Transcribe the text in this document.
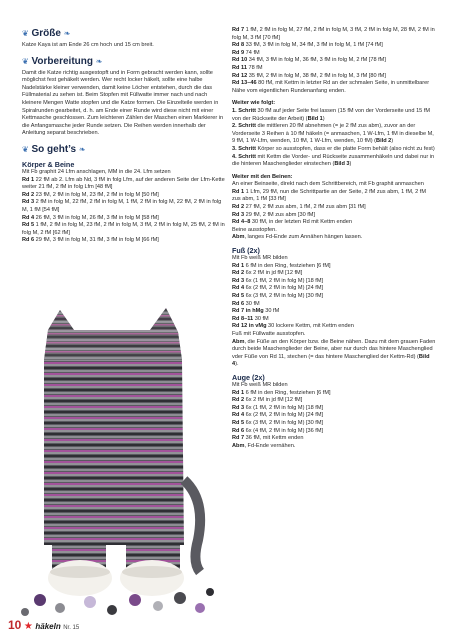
❦ Größe ❧

Katze Kaya ist am Ende 26 cm hoch und 15 cm breit.

❦ Vorbereitung ❧

Damit die Katze richtig ausgestopft und in Form gebracht werden kann, sollte möglichst fest gehäkelt werden. Wer recht locker häkelt, sollte eine halbe Nadelstärke kleiner verwenden, damit keine Löcher entstehen, durch die das Füllmaterial zu sehen ist. Beim Stopfen mit Füllwatte immer nach und nach kleinere Mengen Watte stopfen und die Katze formen. Die Einzelteile werden in Spiralrunden gearbeitet, d. h. am Ende einer Runde wird diese nicht mit einer Kettmasche geschlossen. Zum leichteren Zählen der Maschen einen Markierer in die Anfangsmasche jeder Runde setzen. Die Reihen werden innerhalb der Anleitung separat beschrieben.

❦ So geht’s ❧
Körper & Beine

Mit Fb graphit 24 Lfm anschlagen, MM in die 24. Lfm setzen

Rd 1 22 fM ab 2. Lfm ab Nd, 3 fM in folg Lfm, auf der anderen Seite der Lfm-Kette weiter 21 fM, 2 fM in folg Lfm [48 fM]

Rd 2 23 fM, 2 fM in folg M, 23 fM, 2 fM in folg M [50 fM]

Rd 3 2 fM in folg M, 22 fM, 2 fM in folg M, 1 fM, 2 fM in folg M, 22 fM, 2 fM in folg M, 1 fM [54 fM]

Rd 4 26 fM, 3 fM in folg M, 26 fM, 3 fM in folg M [58 fM]

Rd 5 1 fM, 2 fM in folg M, 23 fM, 2 fM in folg M, 3 fM, 2 fM in folg M, 25 fM, 2 fM in folg M, 2 fM [62 fM]

Rd 6 29 fM, 3 fM in folg M, 31 fM, 3 fM in folg M [66 fM]

Rd 7 1 fM, 2 fM in folg M, 27 fM, 2 fM in folg M, 3 fM, 2 fM in folg M, 28 fM, 2 fM in folg M, 3 fM [70 fM]

Rd 8 33 fM, 3 fM in folg M, 34 fM, 3 fM in folg M, 1 fM [74 fM]

Rd 9 74 fM

Rd 10 34 fM, 3 fM in folg M, 36 fM, 3 fM in folg M, 2 fM [78 fM]

Rd 11 78 fM

Rd 12 35 fM, 2 fM in folg M, 38 fM, 2 fM in folg M, 3 fM [80 fM]

Rd 13–46 80 fM, mit Kettm in letzter Rd an der schmalen Seite, in unmittelbarer Nähe vom eigentlichen Rundenanfang enden.

Weiter wie folgt:

1. Schritt 30 fM auf jeder Seite frei lassen (15 fM von der Vorderseite und 15 fM von der Rückseite der Arbeit) (Bild 1)

2. Schritt die mittleren 20 fM abnehmen (= je 2 fM zus abm), zuvor an der Vorderseite 3 Reihen à 10 fM häkeln (= anmaschen, 1 W-Lfm, 1 fM in dieselbe M, 9 fM, 1 W-Lfm, wenden, 10 fM, 1 W-Lfm, wenden, 10 fM) (Bild 2)

3. Schritt Körper so ausstopfen, dass er die platte Form behält (also nicht zu fest)

4. Schritt mit Kettm die Vorder- und Rückseite zusammenhäkeln und dabei nur in die hinteren Maschenglieder einstechen (Bild 3)

Weiter mit den Beinen:

An einer Beinseite, direkt nach dem Schrittbereich, mit Fb graphit anmaschen

Rd 1 1 Lfm, 29 fM, nun die Schrittpartie an der Seite, 2 fM zus abm, 1 fM, 2 fM zus abm, 1 fM [33 fM]

Rd 2 27 fM, 2 fM zus abm, 1 fM, 2 fM zus abm [31 fM]

Rd 3 29 fM, 2 fM zus abm [30 fM]

Rd 4–8 30 fM, in der letzten Rd mit Kettm enden

Beine ausstopfen.

Abm, langes Fd-Ende zum Annähen hängen lassen.

Fuß (2x)

Mit Fb weiß MR bilden

Rd 1 6 fM in den Ring, festziehen [6 fM]

Rd 2 6x 2 fM in jd fM [12 fM]

Rd 3 6x (1 fM, 2 fM in folg M) [18 fM]

Rd 4 6x (2 fM, 2 fM in folg M) [24 fM]

Rd 5 6x (3 fM, 2 fM in folg M) [30 fM]

Rd 6 30 fM

Rd 7 in hMg 30 fM

Rd 8–11 30 fM

Rd 12 in vMg 30 lockere Kettm, mit Kettm enden

Fuß mit Füllwatte ausstopfen.

Abm, die Füße an den Körper bzw. die Beine nähen. Dazu mit dem grauen Faden durch beide Maschenglieder der Beine, aber nur durch das hintere Maschenglied vder Füße von Rd 11, stechen (= das hintere Maschenglied der Kettm-Rd) (Bild 4).

Auge (2x)

Mit Fb weiß MR bilden

Rd 1 6 fM in den Ring, festziehen [6 fM]

Rd 2 6x 2 fM in jd fM [12 fM]

Rd 3 6x (1 fM, 2 fM in folg M) [18 fM]

Rd 4 6x (2 fM, 2 fM in folg M) [24 fM]

Rd 5 6x (3 fM, 2 fM in folg M) [30 fM]

Rd 6 6x (4 fM, 2 fM in folg M) [36 fM]

Rd 7 36 fM, mit Kettm enden

Abm, Fd-Ende vernähen.

10 ★ häkeln Nr. 15
